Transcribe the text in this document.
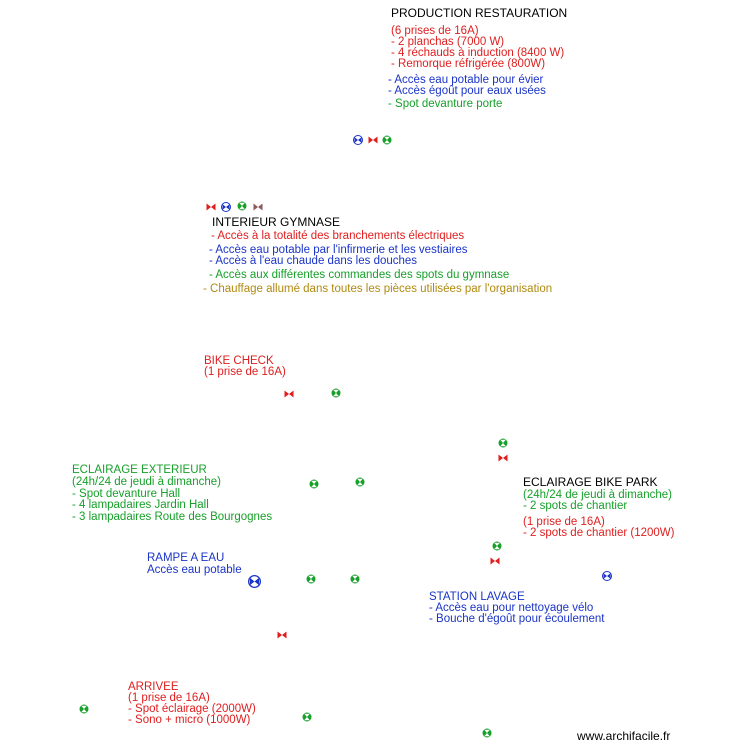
PRODUCTION RESTAURATION
(6 prises de 16A)
- 2 planchas (7000 W)
- 4 réchauds à induction (8400 W)
- Remorque réfrigérée (800W)
- Accès eau potable pour évier
- Accès égoût pour eaux usées
- Spot devanture porte
INTERIEUR GYMNASE
- Accès à la totalité des branchements électriques
- Accès eau potable par l'infirmerie et les vestiaires
- Accès à l'eau chaude dans les douches
- Accès aux différentes commandes des spots du gymnase
- Chauffage allumé dans toutes les pièces utilisées par l'organisation
BIKE CHECK
(1 prise de 16A)
ECLAIRAGE EXTERIEUR
(24h/24 de jeudi à dimanche)
- Spot devanture Hall
- 4 lampadaires Jardin Hall
- 3 lampadaires Route des Bourgognes
ECLAIRAGE BIKE PARK
(24h/24 de jeudi à dimanche)
- 2 spots de chantier
(1 prise de 16A)
- 2 spots de chantier (1200W)
RAMPE A EAU
Accès eau potable
STATION LAVAGE
- Accès eau pour nettoyage vélo
- Bouche d'égoût pour écoulement
ARRIVEE
(1 prise de 16A)
- Spot éclairage (2000W)
- Sono + micro (1000W)
www.archifacile.fr
